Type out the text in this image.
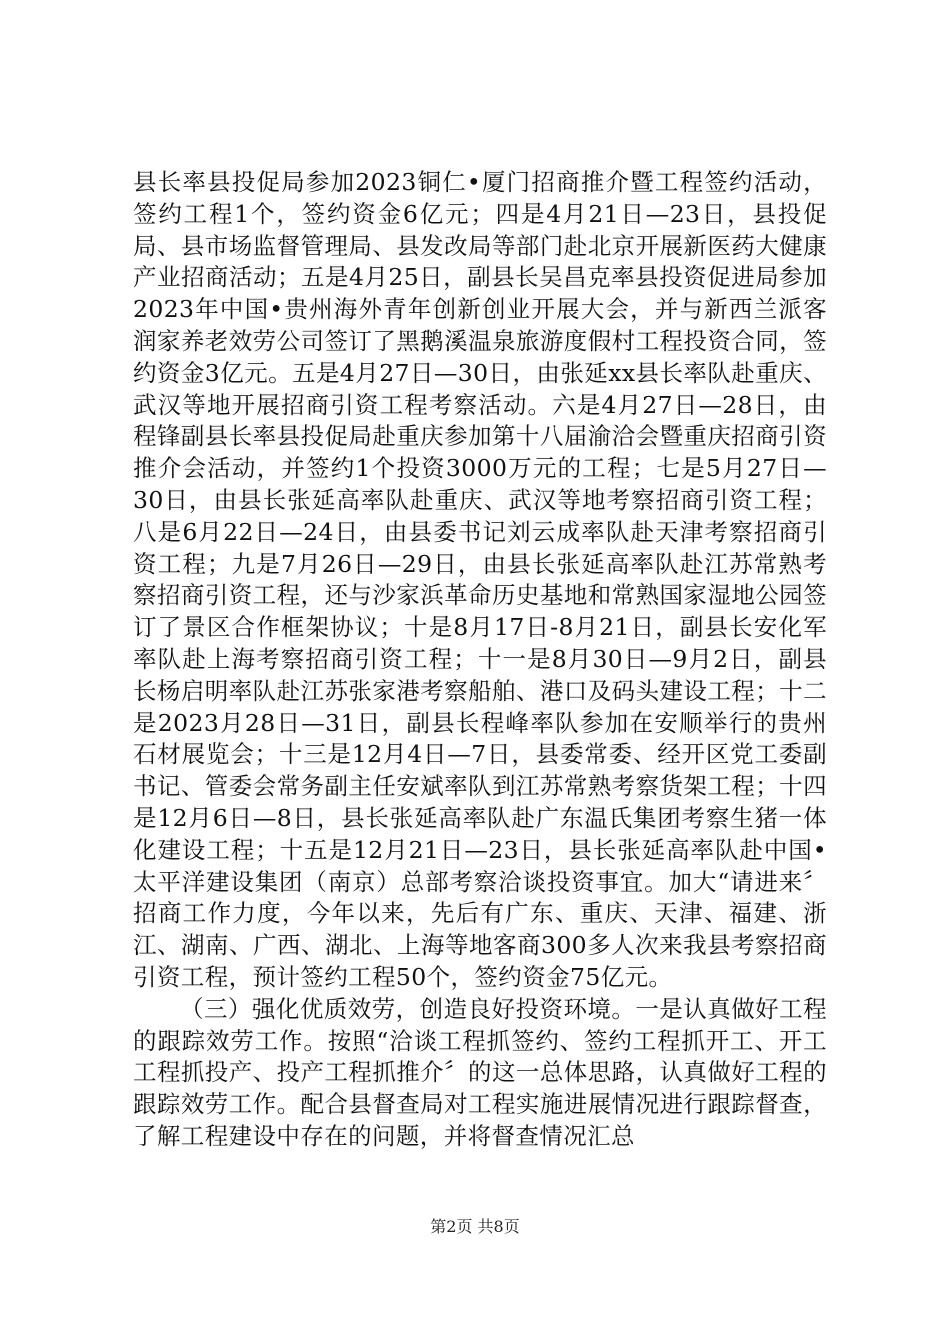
县长率县投促局参加2023铜仁•厦门招商推介暨工程签约活动，签约工程1个，签约资金6亿元；四是4月21日—23日，县投促局、县市场监督管理局、县发改局等部门赴北京开展新医药大健康产业招商活动；五是4月25日，副县长吴昌克率县投资促进局参加2023年中国•贵州海外青年创新创业开展大会，并与新西兰派客润家养老效劳公司签订了黑鹅溪温泉旅游度假村工程投资合同，签约资金3亿元。五是4月27日—30日，由张延xx县长率队赴重庆、武汉等地开展招商引资工程考察活动。六是4月27日—28日，由程锋副县长率县投促局赴重庆参加第十八届渝洽会暨重庆招商引资推介会活动，并签约1个投资3000万元的工程；七是5月27日—30日，由县长张延高率队赴重庆、武汉等地考察招商引资工程；八是6月22日—24日，由县委书记刘云成率队赴天津考察招商引资工程；九是7月26日—29日，由县长张延高率队赴江苏常熟考察招商引资工程，还与沙家浜革命历史基地和常熟国家湿地公园签订了景区合作框架协议；十是8月17日-8月21日，副县长安化军率队赴上海考察招商引资工程；十一是8月30日—9月2日，副县长杨启明率队赴江苏张家港考察船舶、港口及码头建设工程；十二是2023月28日—31日，副县长程峰率队参加在安顺举行的贵州石材展览会；十三是12月4日—7日，县委常委、经开区党工委副书记、管委会常务副主任安斌率队到江苏常熟考察货架工程；十四是12月6日—8日，县长张延高率队赴广东温氏集团考察生猪一体化建设工程；十五是12月21日—23日，县长张延高率队赴中国•太平洋建设集团（南京）总部考察洽谈投资事宜。加大“请进来〞招商工作力度，今年以来，先后有广东、重庆、天津、福建、浙江、湖南、广西、湖北、上海等地客商300多人次来我县考察招商引资工程，预计签约工程50个，签约资金75亿元。

（三）强化优质效劳，创造良好投资环境。一是认真做好工程的跟踪效劳工作。按照“洽谈工程抓签约、签约工程抓开工、开工工程抓投产、投产工程抓推介〞的这一总体思路，认真做好工程的跟踪效劳工作。配合县督查局对工程实施进展情况进行跟踪督查，了解工程建设中存在的问题，并将督查情况汇总

第2页 共8页
